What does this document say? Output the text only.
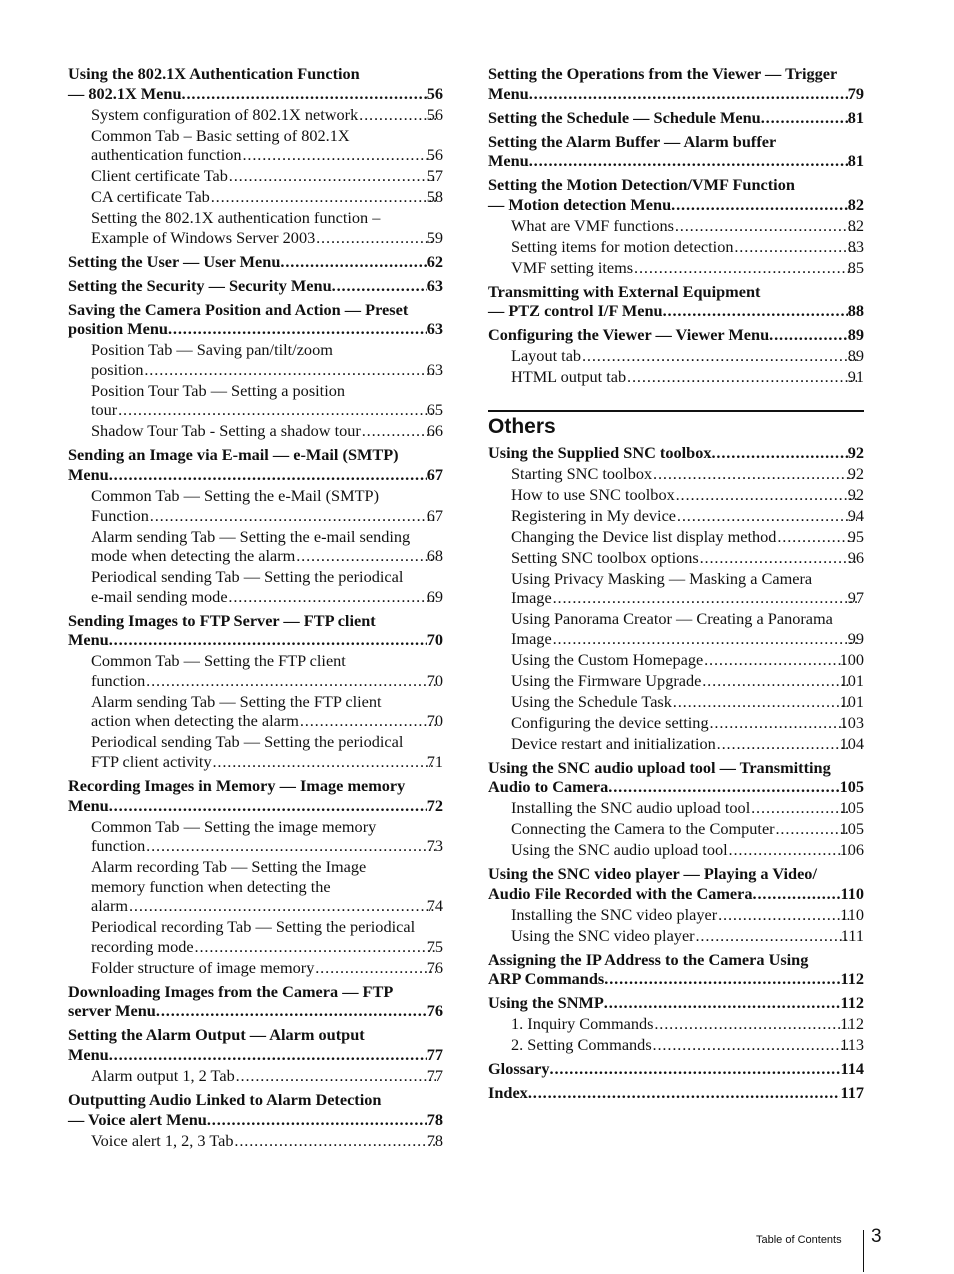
Using the 802.1X Authentication Function
— 802.1X Menu . . .	56
System configuration of 802.1X network . . .	56
Common Tab – Basic setting of 802.1X
authentication function . . .	56
Client certificate Tab . . .	57
CA certificate Tab . . .	58
Setting the 802.1X authentication function –
Example of Windows Server 2003 . . .	59
Setting the User — User Menu . . .	62
Setting the Security — Security Menu . . .	63
Saving the Camera Position and Action — Preset
position Menu . . .	63
Position Tab — Saving pan/tilt/zoom
position . . .	63
Position Tour Tab — Setting a position
tour . . .	65
Shadow Tour Tab - Setting a shadow tour . . .	66
Sending an Image via E-mail — e-Mail (SMTP)
Menu . . .	67
Common Tab — Setting the e-Mail (SMTP)
Function . . .	67
Alarm sending Tab — Setting the e-mail sending
mode when detecting the alarm . . .	68
Periodical sending Tab — Setting the periodical
e-mail sending mode . . .	69
Sending Images to FTP Server — FTP client
Menu . . .	70
Common Tab — Setting the FTP client
function . . .	70
Alarm sending Tab — Setting the FTP client
action when detecting the alarm . . .	70
Periodical sending Tab — Setting the periodical
FTP client activity . . .	71
Recording Images in Memory — Image memory
Menu . . .	72
Common Tab — Setting the image memory
function . . .	73
Alarm recording Tab — Setting the Image
memory function when detecting the
alarm . . .	74
Periodical recording Tab — Setting the periodical
recording mode . . .	75
Folder structure of image memory . . .	76
Downloading Images from the Camera — FTP
server Menu . . .	76
Setting the Alarm Output — Alarm output
Menu . . .	77
Alarm output 1, 2 Tab . . .	77
Outputting Audio Linked to Alarm Detection
— Voice alert Menu . . .	78
Voice alert 1, 2, 3 Tab . . .	78
Setting the Operations from the Viewer — Trigger
Menu . . .	79
Setting the Schedule — Schedule Menu . . .	81
Setting the Alarm Buffer — Alarm buffer
Menu . . .	81
Setting the Motion Detection/VMF Function
— Motion detection Menu . . .	82
What are VMF functions . . .	82
Setting items for motion detection . . .	83
VMF setting items . . .	85
Transmitting with External Equipment
— PTZ control I/F Menu . . .	88
Configuring the Viewer — Viewer Menu . . .	89
Layout tab . . .	89
HTML output tab . . .	91
Others
Using the Supplied SNC toolbox . . .	92
Starting SNC toolbox . . .	92
How to use SNC toolbox . . .	92
Registering in My device . . .	94
Changing the Device list display method . . .	95
Setting SNC toolbox options . . .	96
Using Privacy Masking — Masking a Camera
Image . . .	97
Using Panorama Creator — Creating a Panorama
Image . . .	99
Using the Custom Homepage . . .	100
Using the Firmware Upgrade . . .	101
Using the Schedule Task . . .	101
Configuring the device setting . . .	103
Device restart and initialization . . .	104
Using the SNC audio upload tool — Transmitting
Audio to Camera . . .	105
Installing the SNC audio upload tool . . .	105
Connecting the Camera to the Computer . . .	105
Using the SNC audio upload tool . . .	106
Using the SNC video player — Playing a Video/
Audio File Recorded with the Camera . . .	110
Installing the SNC video player . . .	110
Using the SNC video player . . .	111
Assigning the IP Address to the Camera Using
ARP Commands . . .	112
Using the SNMP . . .	112
1. Inquiry Commands . . .	112
2. Setting Commands . . .	113
Glossary . . .	114
Index . . .	117
Table of Contents 3
